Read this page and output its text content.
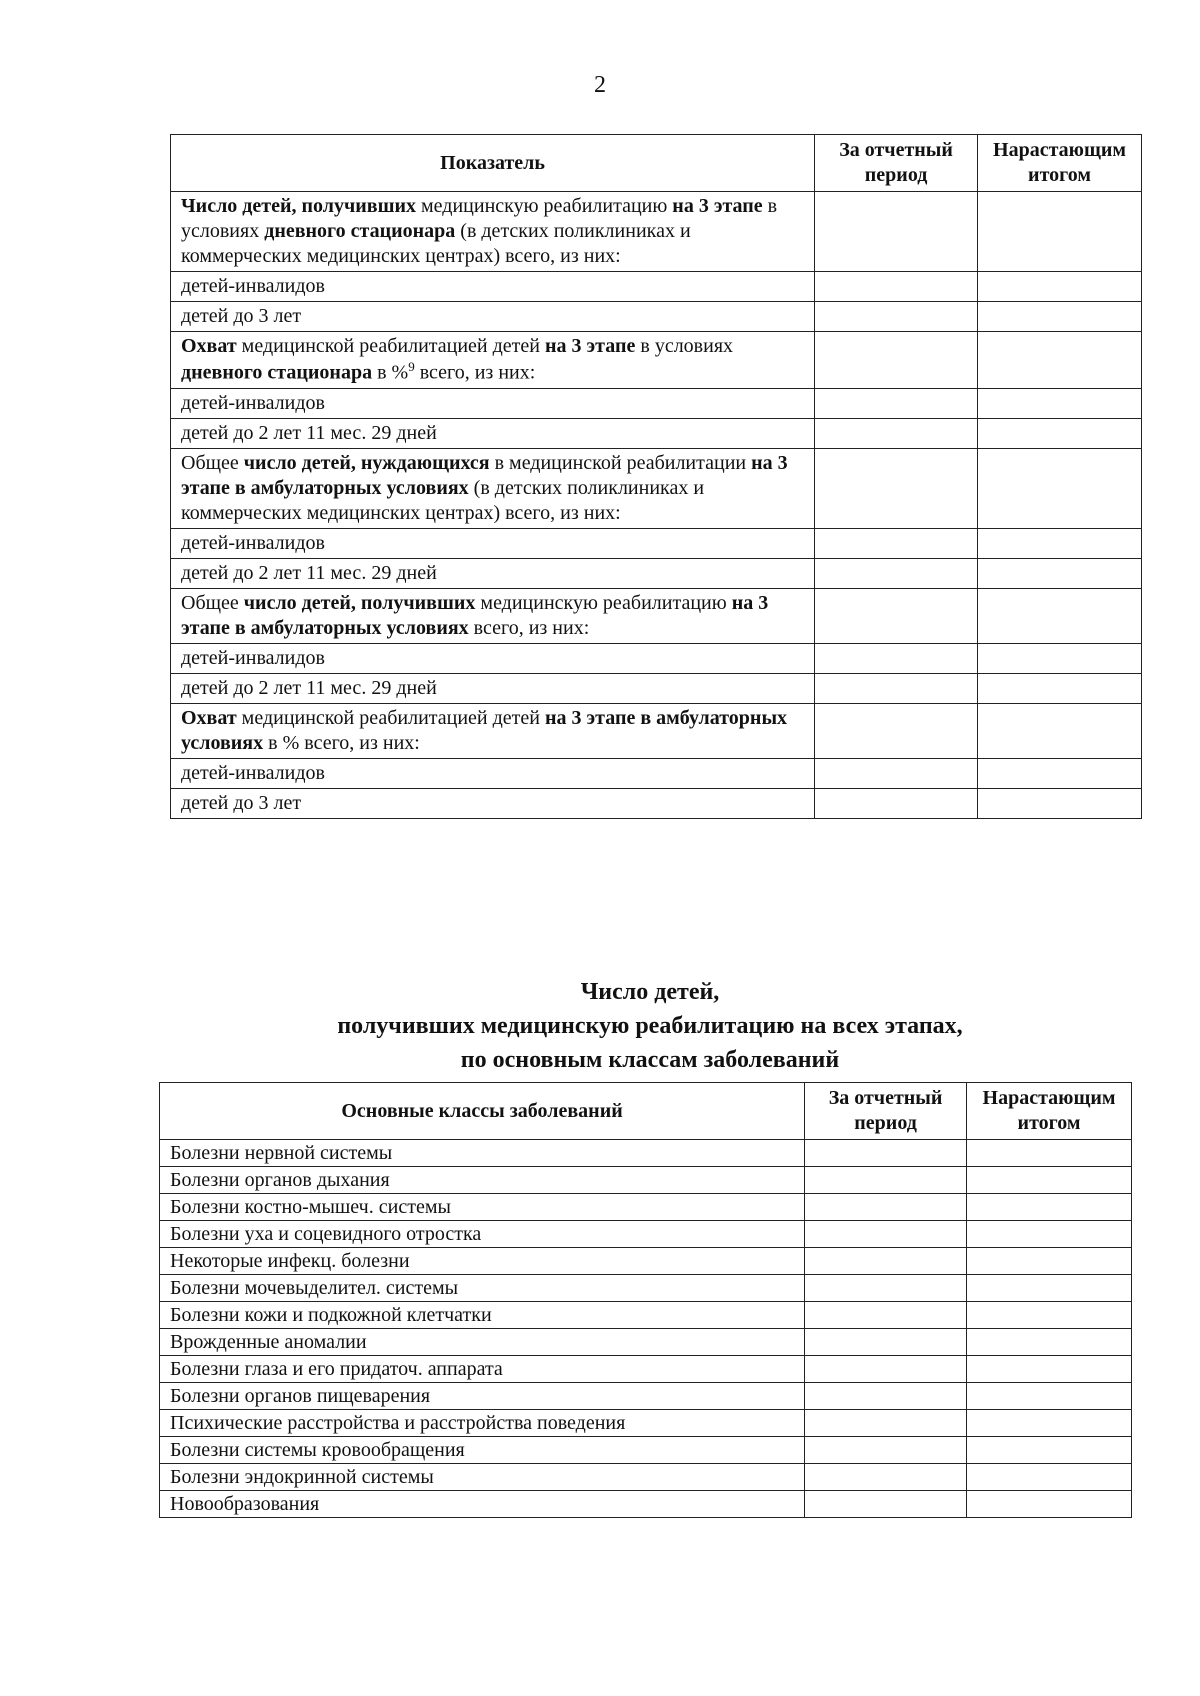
2
Показатель	За отчетный период	Нарастающим итогом
Число детей, получивших медицинскую реабилитацию на 3 этапе в условиях дневного стационара (в детских поликлиниках и коммерческих медицинских центрах) всего, из них:		
детей-инвалидов		
детей до 3 лет		
Охват медицинской реабилитацией детей на 3 этапе в условиях дневного стационара в %$^9$ всего, из них:		
детей-инвалидов		
детей до 2 лет 11 мес. 29 дней		
Общее число детей, нуждающихся в медицинской реабилитации на 3 этапе в амбулаторных условиях (в детских поликлиниках и коммерческих медицинских центрах) всего, из них:		
детей-инвалидов		
детей до 2 лет 11 мес. 29 дней		
Общее число детей, получивших медицинскую реабилитацию на 3 этапе в амбулаторных условиях всего, из них:		
детей-инвалидов		
детей до 2 лет 11 мес. 29 дней		
Охват медицинской реабилитацией детей на 3 этапе в амбулаторных условиях в % всего, из них:		
детей-инвалидов		
детей до 3 лет		
Число детей,
получивших медицинскую реабилитацию на всех этапах,
по основным классам заболеваний
Основные классы заболеваний	За отчетный период	Нарастающим итогом
Болезни нервной системы		
Болезни органов дыхания		
Болезни костно-мышеч. системы		
Болезни уха и соцевидного отростка		
Некоторые инфекц. болезни		
Болезни мочевыделител. системы		
Болезни кожи и подкожной клетчатки		
Врожденные аномалии		
Болезни глаза и его придаточ. аппарата		
Болезни органов пищеварения		
Психические расстройства и расстройства поведения		
Болезни системы кровообращения		
Болезни эндокринной системы		
Новообразования		
